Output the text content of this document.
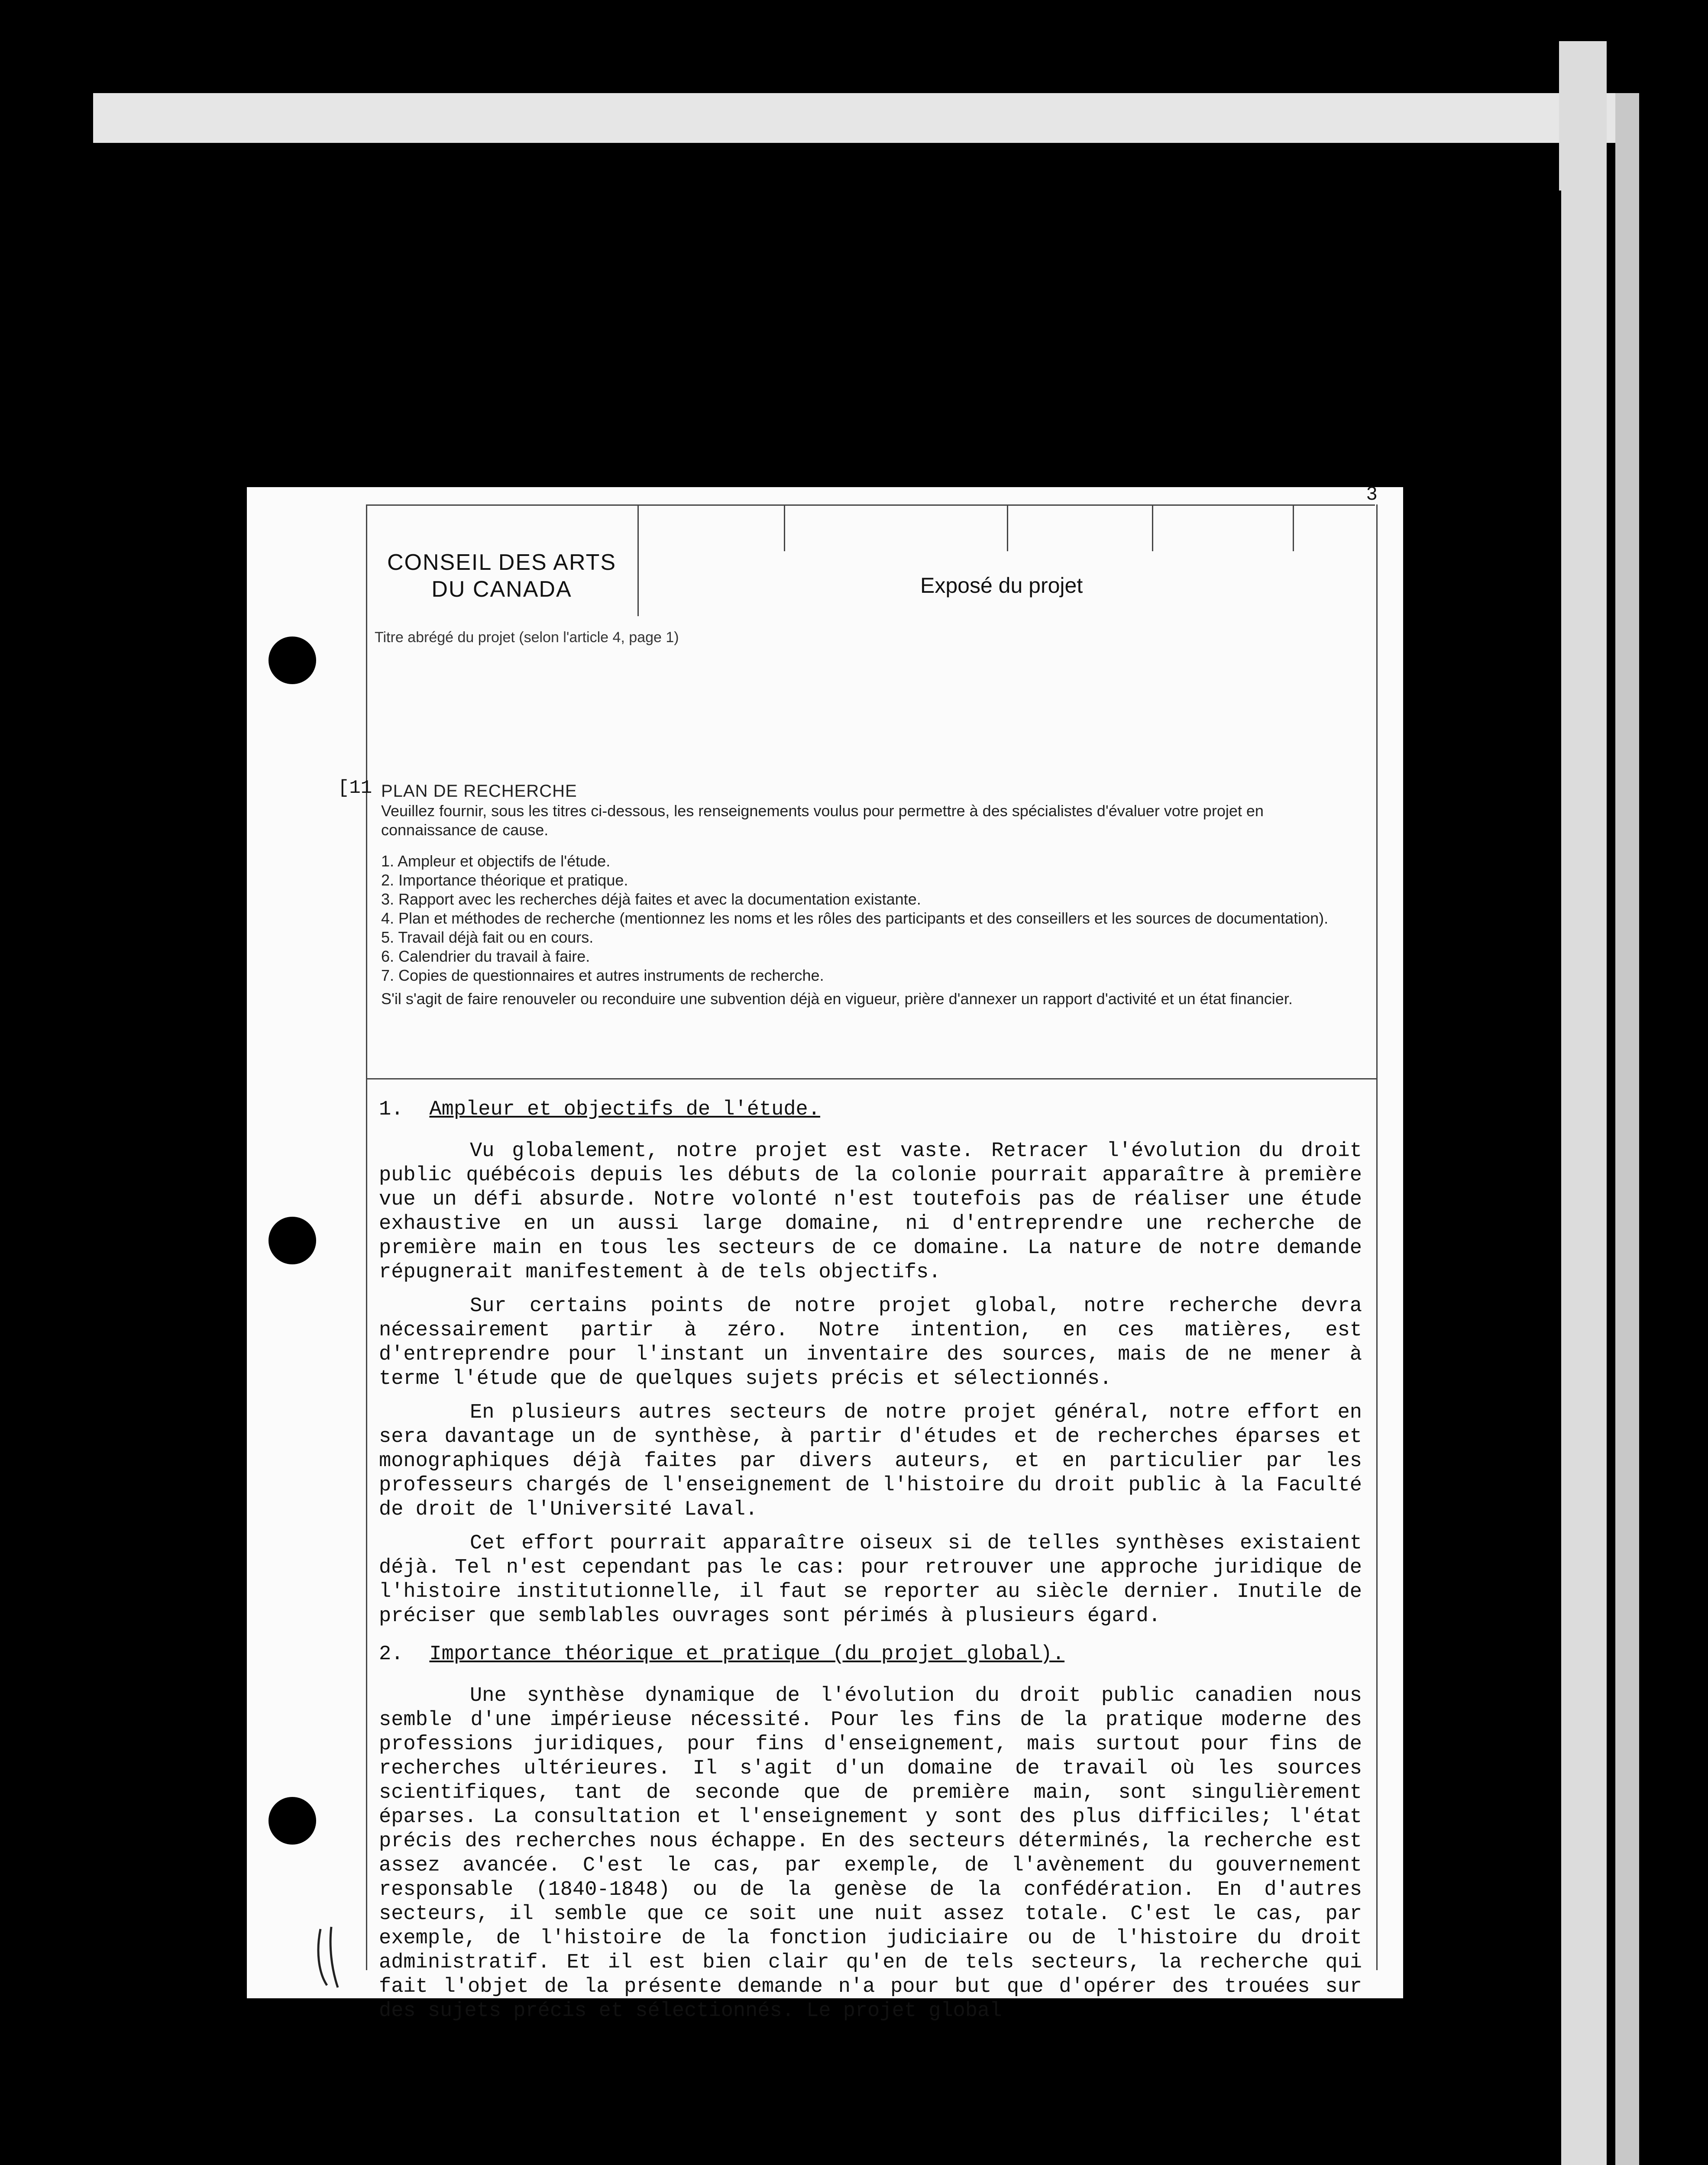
3
CONSEIL DES ARTS
DU CANADA	Exposé du projet
Titre abrégé du projet (selon l'article 4, page 1)
[11 PLAN DE RECHERCHE
Veuillez fournir, sous les titres ci-dessous, les renseignements voulus pour permettre à des spécialistes d'évaluer votre projet en connaissance de cause.
1. Ampleur et objectifs de l'étude.
2. Importance théorique et pratique.
3. Rapport avec les recherches déjà faites et avec la documentation existante.
4. Plan et méthodes de recherche (mentionnez les noms et les rôles des participants et des conseillers et les sources de documentation).
5. Travail déjà fait ou en cours.
6. Calendrier du travail à faire.
7. Copies de questionnaires et autres instruments de recherche.
S'il s'agit de faire renouveler ou reconduire une subvention déjà en vigueur, prière d'annexer un rapport d'activité et un état financier.
1. Ampleur et objectifs de l'étude.

Vu globalement, notre projet est vaste. Retracer l'évolution du droit public québécois depuis les débuts de la colonie pourrait apparaître à première vue un défi absurde. Notre volonté n'est toutefois pas de réaliser une étude exhaustive en un aussi large domaine, ni d'entreprendre une recherche de première main en tous les secteurs de ce domaine. La nature de notre demande répugnerait manifestement à de tels objectifs.

Sur certains points de notre projet global, notre recherche devra nécessairement partir à zéro. Notre intention, en ces matières, est d'entreprendre pour l'instant un inventaire des sources, mais de ne mener à terme l'étude que de quelques sujets précis et sélectionnés.

En plusieurs autres secteurs de notre projet général, notre effort en sera davantage un de synthèse, à partir d'études et de recherches éparses et monographiques déjà faites par divers auteurs, et en particulier par les professeurs chargés de l'enseignement de l'histoire du droit public à la Faculté de droit de l'Université Laval.

Cet effort pourrait apparaître oiseux si de telles synthèses existaient déjà. Tel n'est cependant pas le cas: pour retrouver une approche juridique de l'histoire institutionnelle, il faut se reporter au siècle dernier. Inutile de préciser que semblables ouvrages sont périmés à plusieurs égard.

2. Importance théorique et pratique (du projet global).

Une synthèse dynamique de l'évolution du droit public canadien nous semble d'une impérieuse nécessité. Pour les fins de la pratique moderne des professions juridiques, pour fins d'enseignement, mais surtout pour fins de recherches ultérieures. Il s'agit d'un domaine de travail où les sources scientifiques, tant de seconde que de première main, sont singulièrement éparses. La consultation et l'enseignement y sont des plus difficiles; l'état précis des recherches nous échappe. En des secteurs déterminés, la recherche est assez avancée. C'est le cas, par exemple, de l'avènement du gouvernement responsable (1840-1848) ou de la genèse de la confédération. En d'autres secteurs, il semble que ce soit une nuit assez totale. C'est le cas, par exemple, de l'histoire de la fonction judiciaire ou de l'histoire du droit administratif. Et il est bien clair qu'en de tels secteurs, la recherche qui fait l'objet de la présente demande n'a pour but que d'opérer des trouées sur des sujets précis et sélectionnés. Le projet global
